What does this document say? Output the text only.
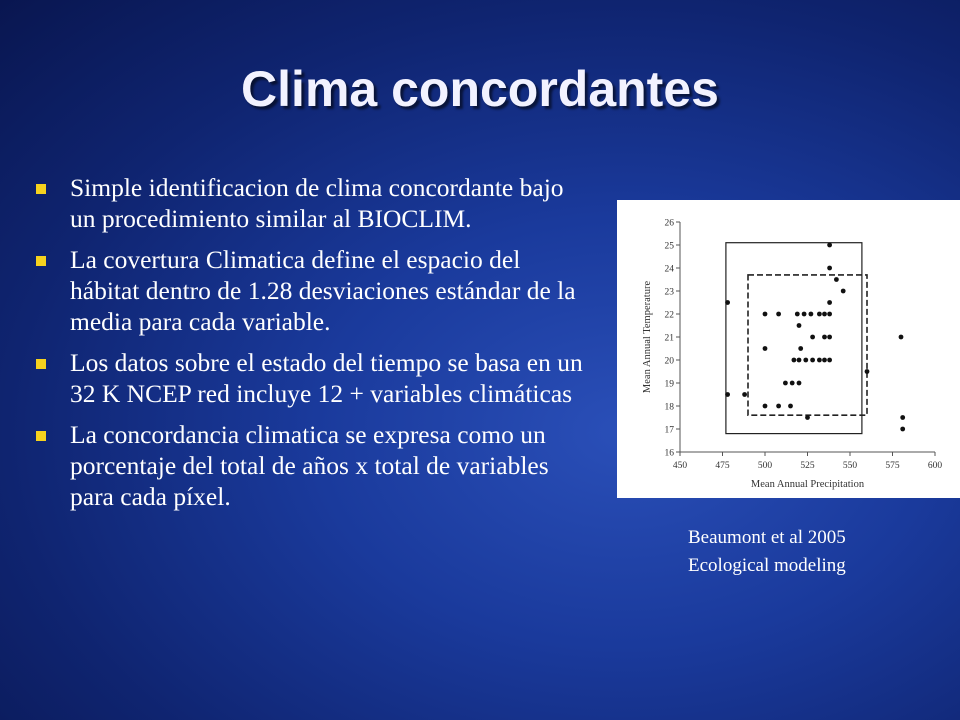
Clima concordantes
Simple identificacion de clima concordante bajo un procedimiento similar al BIOCLIM.
La covertura Climatica define el espacio del hábitat dentro de 1.28 desviaciones estándar de la media para cada variable.
Los datos sobre el estado del tiempo se basa en un 32 K NCEP red incluye 12 + variables climáticas
La concordancia climatica se expresa como un porcentaje del total de años x total de variables para cada píxel.
450	475	500	525	550	575	600
16
17
18
19
20
21
22
23
24
25
26
Mean Annual Precipitation
Mean Annual Temperature
Beaumont et al 2005
Ecological modeling
